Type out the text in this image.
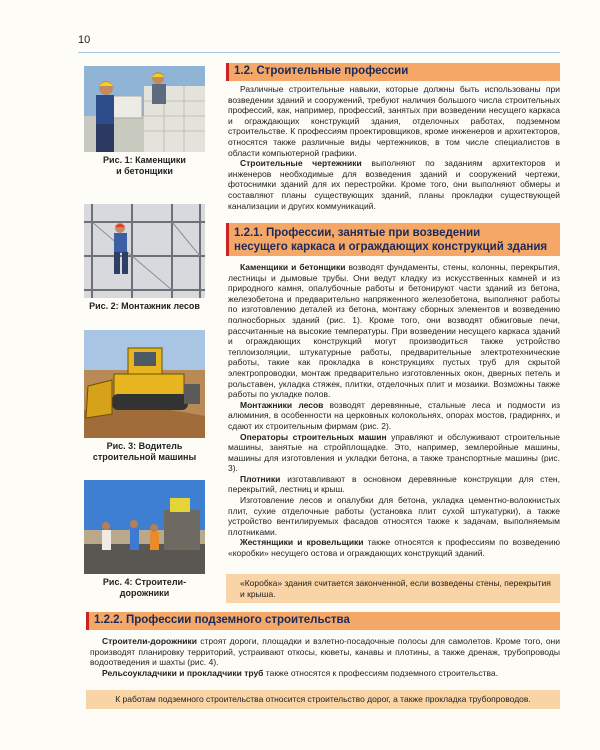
10
Рис. 1: Каменщики
и бетонщики
Рис. 2: Монтажник лесов
Рис. 3: Водитель
строительной машины
Рис. 4: Строители-
дорожники
1.2. Строительные профессии

Различные строительные навыки, которые должны быть использованы при возведении зданий и сооружений, требуют наличия большого числа строительных профессий, как, например, профессий, занятых при возведении несущего каркаса и ограждающих конструкций здания, отделочных работах, подземном строительстве. К профессиям проектировщиков, кроме инженеров и архитекторов, относятся также различные виды чертежников, в том числе специалистов в области компьютерной графики.

Строительные чертежники выполняют по заданиям архитекторов и инженеров необходимые для возведения зданий и сооружений чертежи, фотоснимки зданий для их перестройки. Кроме того, они выполняют обмеры и составляют планы существующих зданий, планы прокладки существующей канализации и других коммуникаций.

1.2.1. Профессии, занятые при возведении
несущего каркаса и ограждающих конструкций здания

Каменщики и бетонщики возводят фундаменты, стены, колонны, перекрытия, лестницы и дымовые трубы. Они ведут кладку из искусственных камней и из природного камня, опалубочные работы и бетонируют части зданий из бетона, железобетона и предварительно напряженного железобетона, выполняют работы по изготовлению деталей из бетона, монтажу сборных элементов и возведению полносборных зданий (рис. 1). Кроме того, они возводят обжиговые печи, рассчитанные на высокие температуры. При возведении несущего каркаса зданий и ограждающих конструкций могут производиться также устройство теплоизоляции, штукатурные работы, предварительные электротехнические работы, такие как прокладка в конструкциях пустых труб для скрытой электропроводки, монтаж предварительно изготовленных окон, дверных петель и рольставен, укладка стяжек, плитки, отделочных плит и мозаики. Возможны также работы по укладке полов.

Монтажники лесов возводят деревянные, стальные леса и подмости из алюминия, в особенности на церковных колокольнях, опорах мостов, градирнях, и сдают их строительным фирмам (рис. 2).

Операторы строительных машин управляют и обслуживают строительные машины, занятые на стройплощадке. Это, например, землеройные машины, машины для изготовления и укладки бетона, а также транспортные машины (рис. 3).

Плотники изготавливают в основном деревянные конструкции для стен, перекрытий, лестниц и крыш.

Изготовление лесов и опалубки для бетона, укладка цементно-волокнистых плит, сухие отделочные работы (установка плит сухой штукатурки), а также устройство вентилируемых фасадов относятся также к задачам, выполняемым плотниками.

Жестянщики и кровельщики также относятся к профессиям по возведению «коробки» несущего остова и ограждающих конструкций зданий.

«Коробка» здания считается законченной, если возведены стены, перекрытия и крыша.
1.2.2. Профессии подземного строительства

Строители-дорожники строят дороги, площадки и взлетно-посадочные полосы для самолетов. Кроме того, они производят планировку территорий, устраивают откосы, кюветы, канавы и плотины, а также дренаж, трубопроводы водоотведения и шахты (рис. 4).

Рельсоукладчики и прокладчики труб также относятся к профессиям подземного строительства.

К работам подземного строительства относится строительство дорог, а также прокладка трубопроводов.
